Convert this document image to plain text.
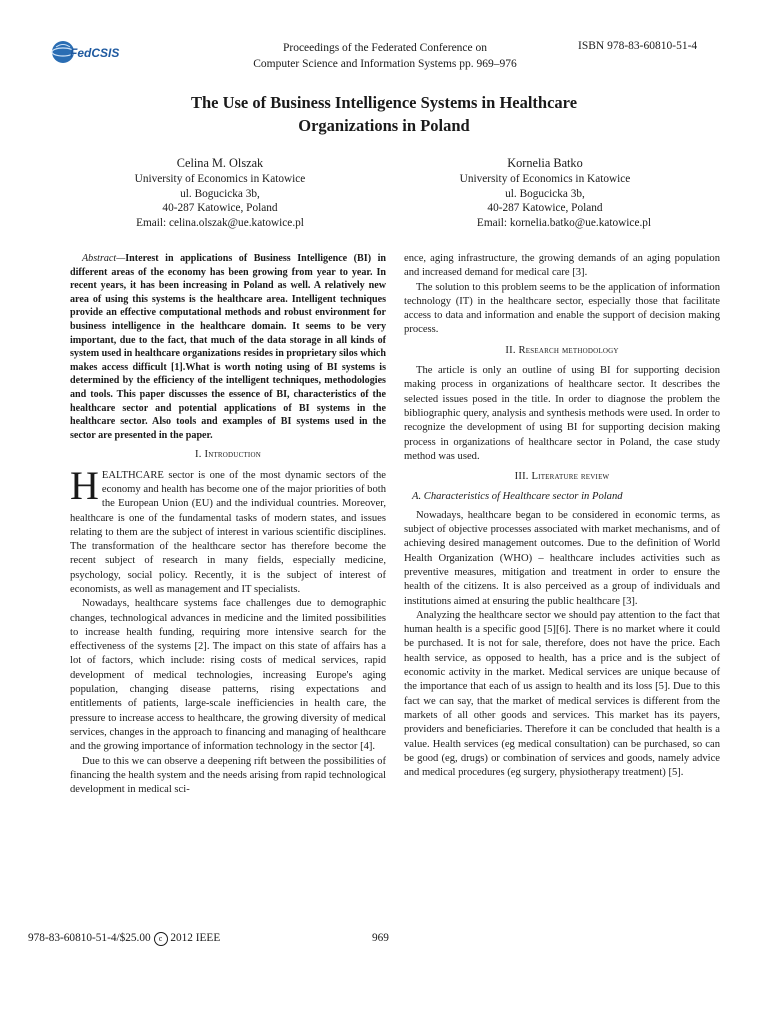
FedCSIS	Proceedings of the Federated Conference on
Computer Science and Information Systems pp. 969–976
ISBN 978-83-60810-51-4
The Use of Business Intelligence Systems in Healthcare
Organizations in Poland
Celina M. Olszak
University of Economics in Katowice
ul. Bogucicka 3b,
40-287 Katowice, Poland
Email: celina.olszak@ue.katowice.pl
Kornelia Batko
University of Economics in Katowice
ul. Bogucicka 3b,
40-287 Katowice, Poland
Email: kornelia.batko@ue.katowice.pl

Abstract—Interest in applications of Business Intelligence (BI) in different areas of the economy has been growing from year to year. In recent years, it has been increasing in Poland as well. A relatively new area of using this systems is the healthcare area. Intelligent techniques provide an effective computational methods and robust environment for business intelligence in the healthcare domain. It seems to be very important, due to the fact, that much of the data storage in all kinds of system used in healthcare organizations resides in proprietary silos which makes access difficult [1].What is worth noting using of BI systems is determined by the efficiency of the intelligent techniques, methodologies and tools. This paper discusses the essence of BI, characteristics of the healthcare sector and potential applications of BI systems in the healthcare sector. Also tools and examples of BI systems used in the sector are presented in the paper.

I. Introduction

HEALTHCARE sector is one of the most dynamic sectors of the economy and health has become one of the major priorities of both the European Union (EU) and the individual countries. Moreover, healthcare is one of the fundamental tasks of modern states, and issues relating to them are the subject of interest in various scientific disciplines. The transformation of the healthcare sector has therefore become the recent subject of research in many fields, especially medicine, psychology, social policy. Recently, it is the subject of interest of economists, as well as management and IT specialists.

Nowadays, healthcare systems face challenges due to demographic changes, technological advances in medicine and the limited possibilities to increase health funding, requiring more intensive search for the effectiveness of the systems [2]. The impact on this state of affairs has a lot of factors, which include: rising costs of medical services, rapid development of medical technologies, increasing Europe's aging population, changing disease patterns, rising expectations and entitlements of patients, large-scale inefficiencies in health care, the pressure to increase access to healthcare, the growing diversity of medical services, changes in the approach to financing and managing of healthcare and the growing importance of information technology in the sector [4].

Due to this we can observe a deepening rift between the possibilities of financing the health system and the needs arising from rapid technological development in medical sci-

ence, aging infrastructure, the growing demands of an aging population and increased demand for medical care [3].

The solution to this problem seems to be the application of information technology (IT) in the healthcare sector, especially those that facilitate access to data and information and enable the support of decision making process.

II. Research methodology

The article is only an outline of using BI for supporting decision making process in organizations of healthcare sector. It describes the selected issues posed in the title. In order to diagnose the problem the bibliographic query, analysis and synthesis methods were used. In order to recognize the development of using BI for supporting decision making process in organizations of healthcare sector in Poland, the case study method was used.

III. Literature review
A. Characteristics of Healthcare sector in Poland

Nowadays, healthcare began to be considered in economic terms, as subject of objective processes associated with market mechanisms, and of achieving desired management outcomes. Due to the definition of World Health Organization (WHO) – healthcare includes activities such as preventive measures, mitigation and treatment in order to ensure the health of the citizens. It is also perceived as a group of individuals and institutions aimed at ensuring the public healthcare [3].

Analyzing the healthcare sector we should pay attention to the fact that human health is a specific good [5][6]. There is no market where it could be purchased. It is not for sale, therefore, does not have the price. Each health service, as opposed to health, has a price and is the subject of economic activity in the market. Medical services are unique because of the importance that each of us assign to health and its loss [5]. Due to this fact we can say, that the market of medical services is different from the markets of all other goods and services. This market has its payers, providers and beneficiaries. Therefore it can be concluded that health is a value. Health services (eg medical consultation) can be purchased, so can be good (eg, drugs) or combination of services and goods, namely advice and medical procedures (eg surgery, physiotherapy treatment) [5].

978-83-60810-51-4/$25.00 c 2012 IEEE	969
